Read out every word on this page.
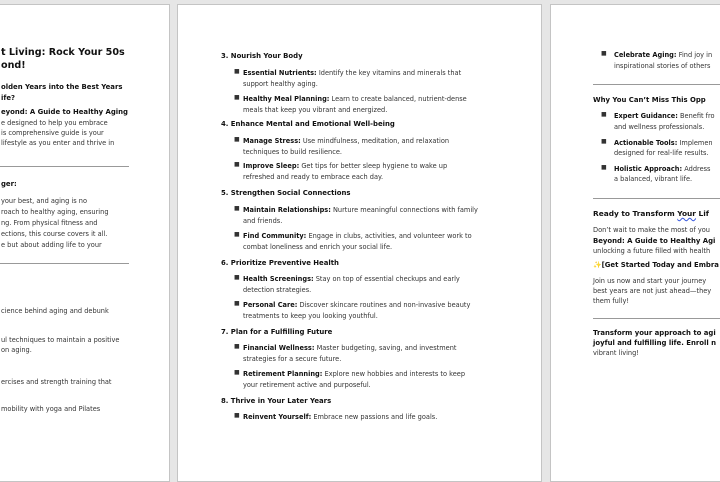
t Living: Rock Your 50s
ond!
olden Years into the Best Years
ife?
eyond: A Guide to Healthy Aging
e designed to help you embrace
is comprehensive guide is your
lifestyle as you enter and thrive in
ger:
your best, and aging is no
roach to healthy aging, ensuring
ng. From physical fitness and
ections, this course covers it all.
e but about adding life to your
cience behind aging and debunk
ul techniques to maintain a positive
on aging.
ercises and strength training that
mobility with yoga and Pilates
3. Nourish Your Body
■ Essential Nutrients: Identify the key vitamins and minerals that
support healthy aging.
■ Healthy Meal Planning: Learn to create balanced, nutrient-dense
meals that keep you vibrant and energized.
4. Enhance Mental and Emotional Well-being
■ Manage Stress: Use mindfulness, meditation, and relaxation
techniques to build resilience.
■ Improve Sleep: Get tips for better sleep hygiene to wake up
refreshed and ready to embrace each day.
5. Strengthen Social Connections
■ Maintain Relationships: Nurture meaningful connections with family
and friends.
■ Find Community: Engage in clubs, activities, and volunteer work to
combat loneliness and enrich your social life.
6. Prioritize Preventive Health
■ Health Screenings: Stay on top of essential checkups and early
detection strategies.
■ Personal Care: Discover skincare routines and non-invasive beauty
treatments to keep you looking youthful.
7. Plan for a Fulfilling Future
■ Financial Wellness: Master budgeting, saving, and investment
strategies for a secure future.
■ Retirement Planning: Explore new hobbies and interests to keep
your retirement active and purposeful.
8. Thrive in Your Later Years
■ Reinvent Yourself: Embrace new passions and life goals.
■ Celebrate Aging: Find joy in
inspirational stories of others
Why You Can’t Miss This Opp
■ Expert Guidance: Benefit fro
and wellness professionals.
■ Actionable Tools: Implemen
designed for real-life results.
■ Holistic Approach: Address
a balanced, vibrant life.
Ready to Transform Your Lif
Don’t wait to make the most of you
Beyond: A Guide to Healthy Agi
unlocking a future filled with health
✨[Get Started Today and Embra
Join us now and start your journey
best years are not just ahead—they
them fully!
Transform your approach to agi
joyful and fulfilling life. Enroll n
vibrant living!
